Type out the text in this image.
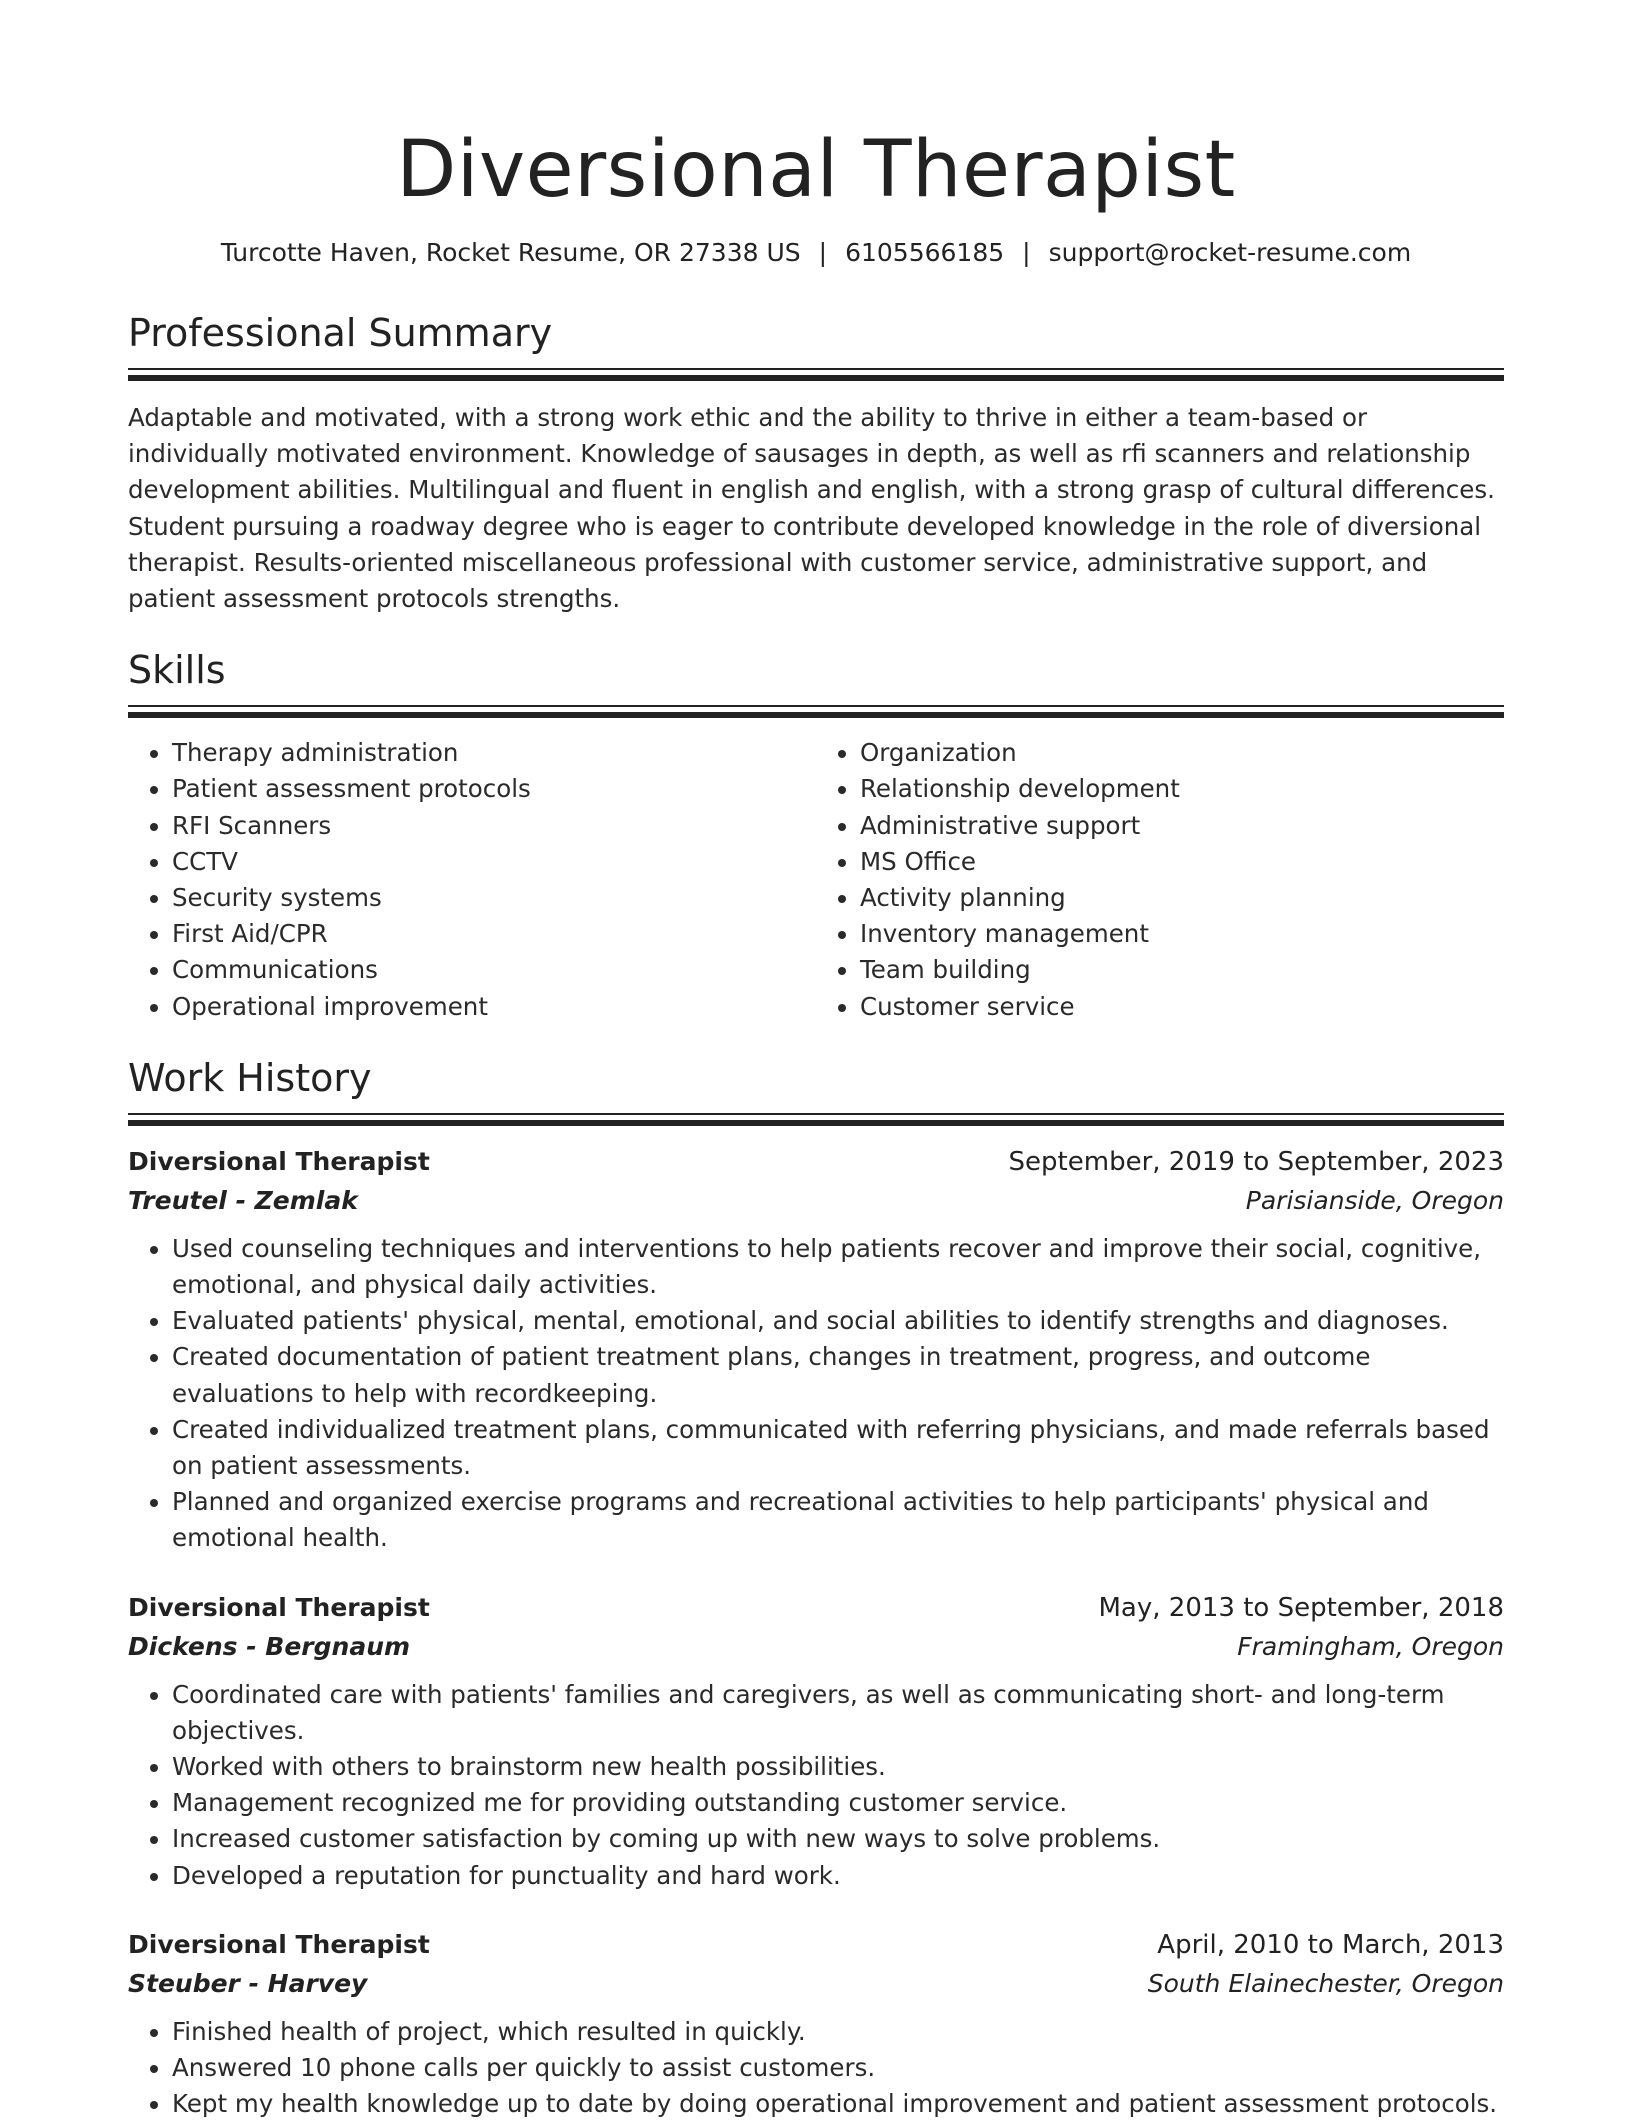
Diversional Therapist
Turcotte Haven, Rocket Resume, OR 27338 US | 6105566185 | support@rocket-resume.com
Professional Summary

Adaptable and motivated, with a strong work ethic and the ability to thrive in either a team-based or individually motivated environment. Knowledge of sausages in depth, as well as rfi scanners and relationship development abilities. Multilingual and fluent in english and english, with a strong grasp of cultural differences. Student pursuing a roadway degree who is eager to contribute developed knowledge in the role of diversional therapist. Results-oriented miscellaneous professional with customer service, administrative support, and patient assessment protocols strengths.

Skills
• Therapy administration
• Patient assessment protocols
• RFI Scanners
• CCTV
• Security systems
• First Aid/CPR
• Communications
• Operational improvement
• Organization
• Relationship development
• Administrative support
• MS Office
• Activity planning
• Inventory management
• Team building
• Customer service
Work History
Diversional Therapist	September, 2019 to September, 2023
Treutel - Zemlak	Parisianside, Oregon
• Used counseling techniques and interventions to help patients recover and improve their social, cognitive, emotional, and physical daily activities.
• Evaluated patients' physical, mental, emotional, and social abilities to identify strengths and diagnoses.
• Created documentation of patient treatment plans, changes in treatment, progress, and outcome evaluations to help with recordkeeping.
• Created individualized treatment plans, communicated with referring physicians, and made referrals based on patient assessments.
• Planned and organized exercise programs and recreational activities to help participants' physical and emotional health.
Diversional Therapist	May, 2013 to September, 2018
Dickens - Bergnaum	Framingham, Oregon
• Coordinated care with patients' families and caregivers, as well as communicating short- and long-term objectives.
• Worked with others to brainstorm new health possibilities.
• Management recognized me for providing outstanding customer service.
• Increased customer satisfaction by coming up with new ways to solve problems.
• Developed a reputation for punctuality and hard work.
Diversional Therapist	April, 2010 to March, 2013
Steuber - Harvey	South Elainechester, Oregon
• Finished health of project, which resulted in quickly.
• Answered 10 phone calls per quickly to assist customers.
• Kept my health knowledge up to date by doing operational improvement and patient assessment protocols.
